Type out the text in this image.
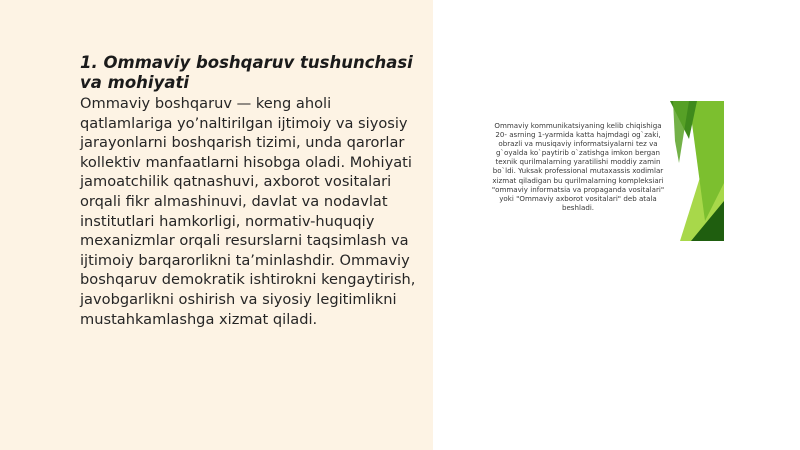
1. Ommaviy boshqaruv tushunchasi va mohiyati

Ommaviy boshqaruv — keng aholi qatlamlariga yo’naltirilgan ijtimoiy va siyosiy jarayonlarni boshqarish tizimi, unda qarorlar kollektiv manfaatlarni hisobga oladi. Mohiyati jamoatchilik qatnashuvi, axborot vositalari orqali fikr almashinuvi, davlat va nodavlat institutlari hamkorligi, normativ-huquqiy mexanizmlar orqali resurslarni taqsimlash va ijtimoiy barqarorlikni ta’minlashdir. Ommaviy boshqaruv demokratik ishtirokni kengaytirish, javobgarlikni oshirish va siyosiy legitimlikni mustahkamlashga xizmat qiladi.

Ommaviy kommunikatsiyaning kelib chiqishiga 20- asrning 1-yarmida katta hajmdagi og`zaki, obrazli va musiqaviy informatsiyalarni tez va g`oyalda ko`paytirib o`zatishga imkon bergan texnik qurilmalarning yaratilishi moddiy zamin bo`ldi. Yuksak professional mutaxassis xodimlar xizmat qiladigan bu qurilmalarning kompleksiari "ommaviy informatsia va propaganda vositalari" yoki "Ommaviy axborot vositalari" deb atala beshladi.
